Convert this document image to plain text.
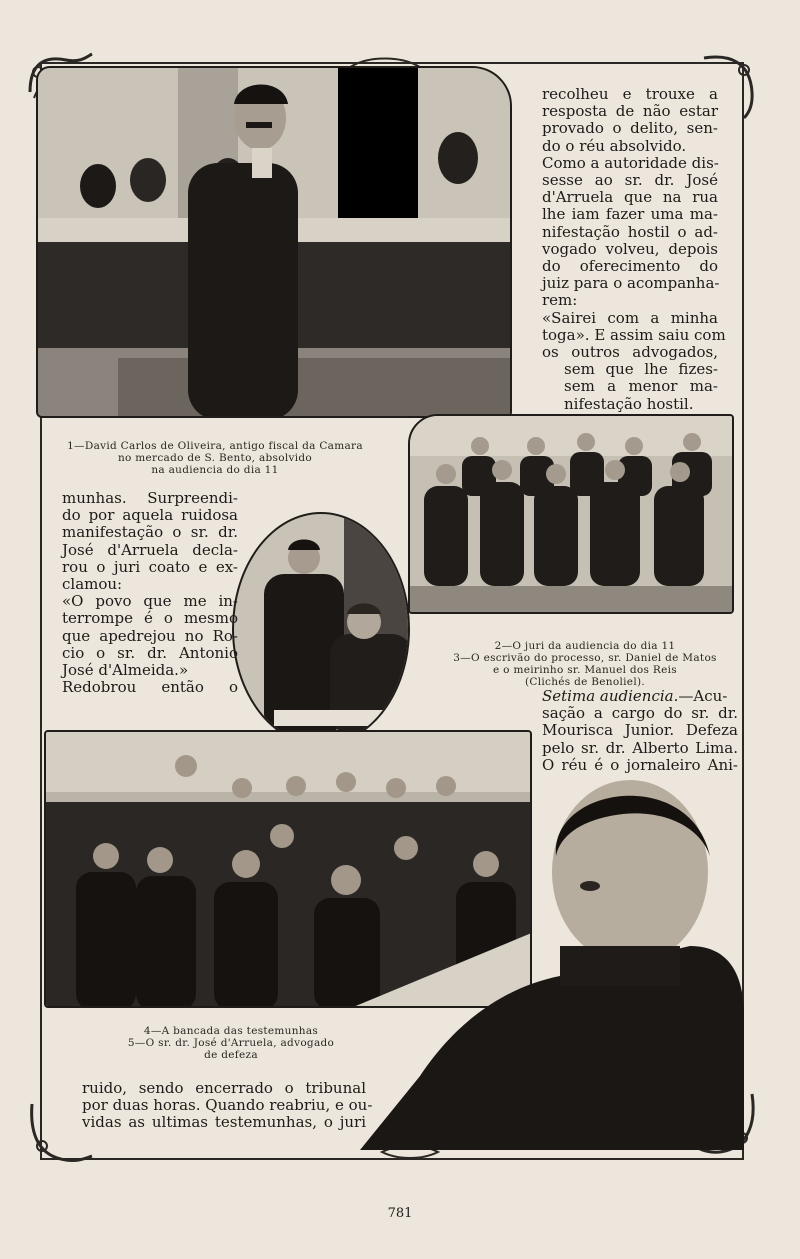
1—David Carlos de Oliveira, antigo fiscal da Camara
no mercado de S. Bento, absolvido
na audiencia do dia 11
2—O juri da audiencia do dia 11
3—O escrivão do processo, sr. Daniel de Matos
e o meirinho sr. Manuel dos Reis
(Clichés de Benoliel).
4—A bancada das testemunhas
5—O sr. dr. José d'Arruela, advogado
de defeza
recolheu e trouxe a
resposta de não estar
provado o delito, sen-
do o réu absolvido.
Como a autoridade dis-
sesse ao sr. dr. José
d'Arruela que na rua
lhe iam fazer uma ma-
nifestação hostil o ad-
vogado volveu, depois
do oferecimento do
juiz para o acompanha-
rem:
«Sairei com a minha
toga». E assim saiu com
os outros advogados,
sem que lhe fizes-
sem a menor ma-
nifestação hostil.
munhas. Surpreendi-
do por aquela ruidosa
manifestação o sr. dr.
José d'Arruela decla-
rou o juri coato e ex-
clamou:
«O povo que me in-
terrompe é o mesmo
que apedrejou no Ro-
cio o sr. dr. Antonio
José d'Almeida.»
Redobrou então o	Setima audiencia.—Acu-
sação a cargo do sr. dr.
Mourisca Junior. Defeza
pelo sr. dr. Alberto Lima.
O réu é o jornaleiro Ani-
ruido, sendo encerrado o tribunal
por duas horas. Quando reabriu, e ou-
vidas as ultimas testemunhas, o juri
781
